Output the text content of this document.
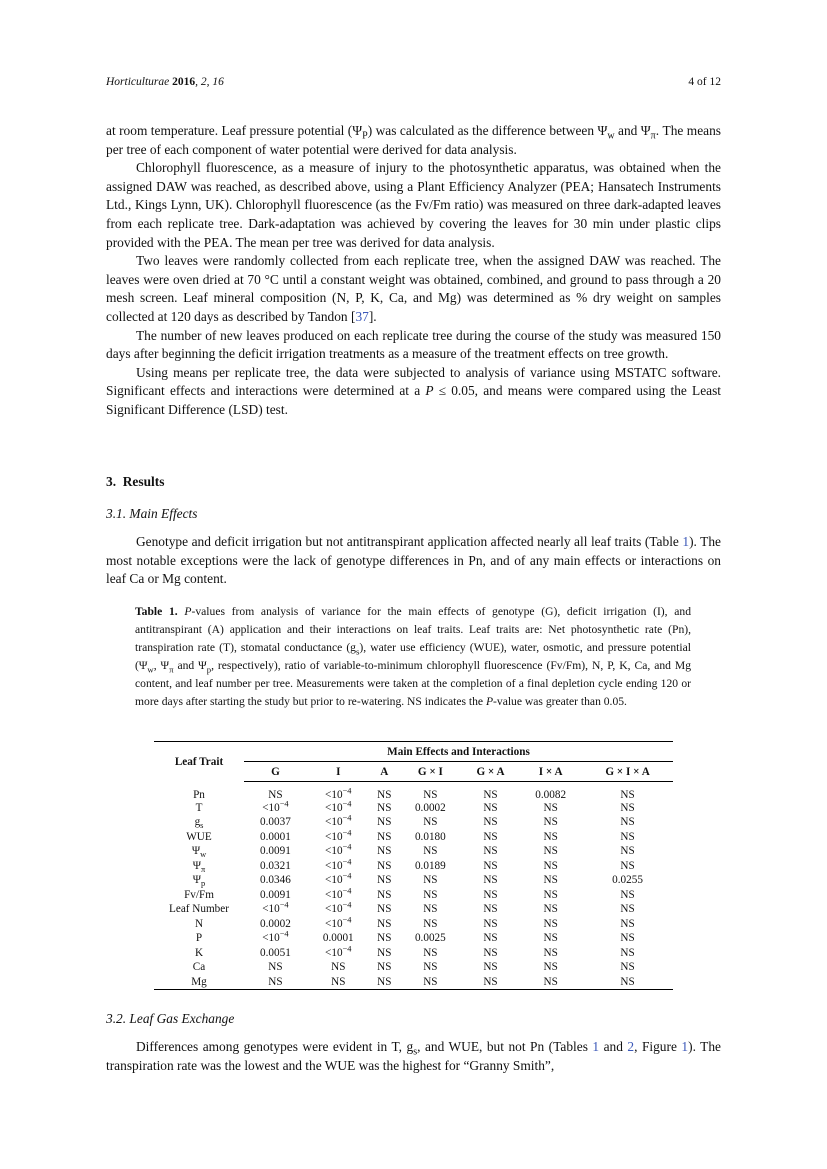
Horticulturae 2016, 2, 16	4 of 12

at room temperature. Leaf pressure potential $(\Psi_P)$ was calculated as the difference between $\Psi_w$ and $\Psi_\pi$. The means per tree of each component of water potential were derived for data analysis.

Chlorophyll fluorescence, as a measure of injury to the photosynthetic apparatus, was obtained when the assigned DAW was reached, as described above, using a Plant Efficiency Analyzer (PEA; Hansatech Instruments Ltd., Kings Lynn, UK). Chlorophyll fluorescence (as the Fv/Fm ratio) was measured on three dark-adapted leaves from each replicate tree. Dark-adaptation was achieved by covering the leaves for 30 min under plastic clips provided with the PEA. The mean per tree was derived for data analysis.

Two leaves were randomly collected from each replicate tree, when the assigned DAW was reached. The leaves were oven dried at 70 °C until a constant weight was obtained, combined, and ground to pass through a 20 mesh screen. Leaf mineral composition (N, P, K, Ca, and Mg) was determined as % dry weight on samples collected at 120 days as described by Tandon [37].

The number of new leaves produced on each replicate tree during the course of the study was measured 150 days after beginning the deficit irrigation treatments as a measure of the treatment effects on tree growth.

Using means per replicate tree, the data were subjected to analysis of variance using MSTATC software. Significant effects and interactions were determined at a P ≤ 0.05, and means were compared using the Least Significant Difference (LSD) test.

3. Results
3.1. Main Effects

Genotype and deficit irrigation but not antitranspirant application affected nearly all leaf traits (Table 1). The most notable exceptions were the lack of genotype differences in Pn, and of any main effects or interactions on leaf Ca or Mg content.

Table 1. P-values from analysis of variance for the main effects of genotype (G), deficit irrigation (I), and antitranspirant (A) application and their interactions on leaf traits. Leaf traits are: Net photosynthetic rate (Pn), transpiration rate (T), stomatal conductance $(g_s)$, water use efficiency (WUE), water, osmotic, and pressure potential ($\Psi_w$, $\Psi_\pi$ and $\Psi_p$, respectively), ratio of variable-to-minimum chlorophyll fluorescence (Fv/Fm), N, P, K, Ca, and Mg content, and leaf number per tree. Measurements were taken at the completion of a final depletion cycle ending 120 or more days after starting the study but prior to re-watering. NS indicates the P-value was greater than 0.05.
Leaf Trait	Main Effects and Interactions						
	G	I	A	G × I	G × A	I × A	G × I × A
Pn	NS	$<10^{-4}$	NS	NS	NS	0.0082	NS
T	$<10^{-4}$	$<10^{-4}$	NS	0.0002	NS	NS	NS
$g_s$	0.0037	$<10^{-4}$	NS	NS	NS	NS	NS
WUE	0.0001	$<10^{-4}$	NS	0.0180	NS	NS	NS
$\Psi_w$	0.0091	$<10^{-4}$	NS	NS	NS	NS	NS
$\Psi_\pi$	0.0321	$<10^{-4}$	NS	0.0189	NS	NS	NS
$\Psi_p$	0.0346	$<10^{-4}$	NS	NS	NS	NS	0.0255
Fv/Fm	0.0091	$<10^{-4}$	NS	NS	NS	NS	NS
Leaf Number	$<10^{-4}$	$<10^{-4}$	NS	NS	NS	NS	NS
N	0.0002	$<10^{-4}$	NS	NS	NS	NS	NS
P	$<10^{-4}$	0.0001	NS	0.0025	NS	NS	NS
K	0.0051	$<10^{-4}$	NS	NS	NS	NS	NS
Ca	NS	NS	NS	NS	NS	NS	NS
Mg	NS	NS	NS	NS	NS	NS	NS
3.2. Leaf Gas Exchange

Differences among genotypes were evident in T, $g_s$, and WUE, but not Pn (Tables 1 and 2, Figure 1). The transpiration rate was the lowest and the WUE was the highest for “Granny Smith”,
